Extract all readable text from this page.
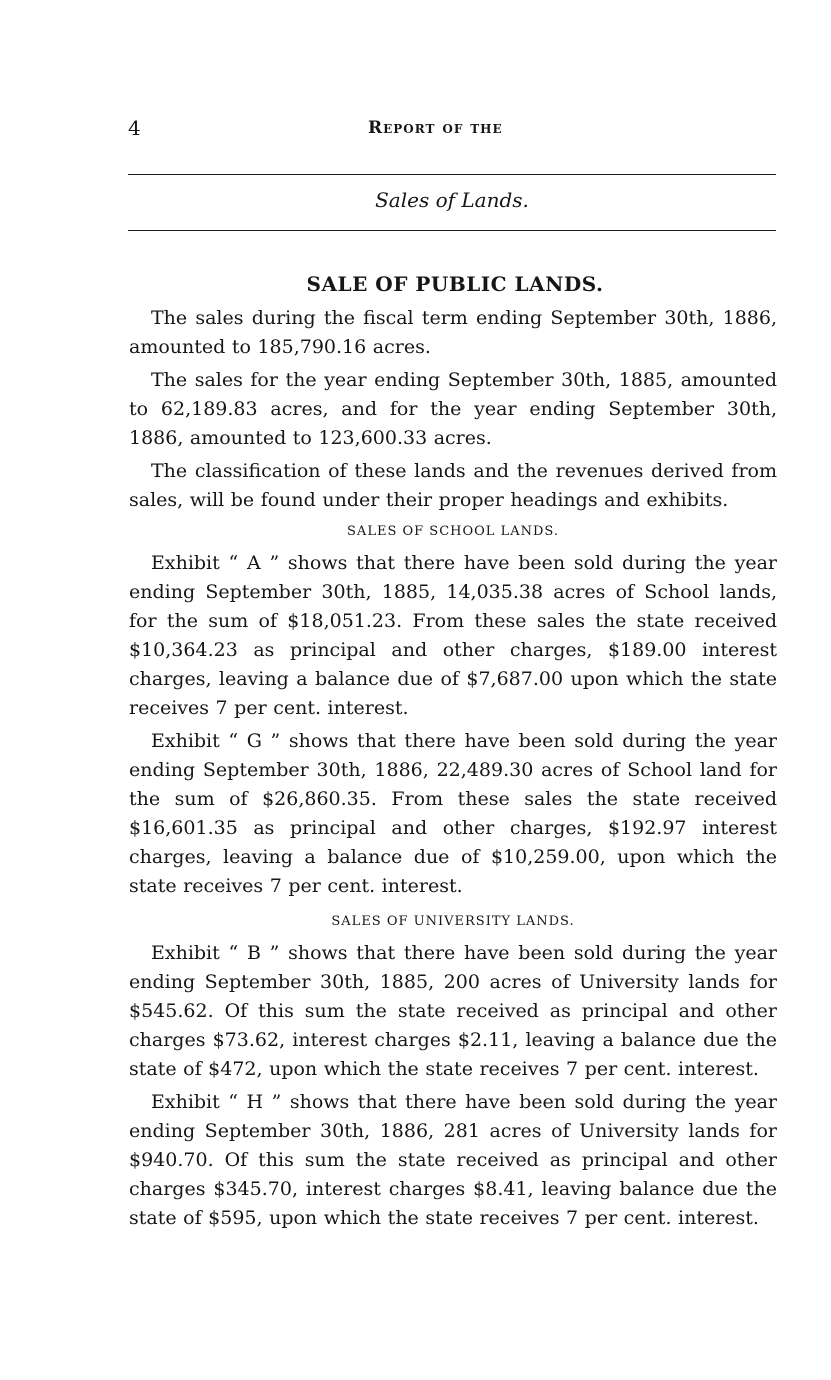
4	Report of the
Sales of Lands.
SALE OF PUBLIC LANDS.

The sales during the fiscal term ending September 30th, 1886, amounted to 185,790.16 acres.

The sales for the year ending September 30th, 1885, amounted to 62,189.83 acres, and for the year ending September 30th, 1886, amounted to 123,600.33 acres.

The classification of these lands and the revenues derived from sales, will be found under their proper headings and exhibits.

SALES OF SCHOOL LANDS.

Exhibit “ A ” shows that there have been sold during the year ending September 30th, 1885, 14,035.38 acres of School lands, for the sum of $18,051.23. From these sales the state received $10,364.23 as principal and other charges, $189.00 interest charges, leaving a balance due of $7,687.00 upon which the state receives 7 per cent. interest.

Exhibit “ G ” shows that there have been sold during the year ending September 30th, 1886, 22,489.30 acres of School land for the sum of $26,860.35. From these sales the state received $16,601.35 as principal and other charges, $192.97 interest charges, leaving a balance due of $10,259.00, upon which the state receives 7 per cent. interest.

SALES OF UNIVERSITY LANDS.

Exhibit “ B ” shows that there have been sold during the year ending September 30th, 1885, 200 acres of University lands for $545.62. Of this sum the state received as principal and other charges $73.62, interest charges $2.11, leaving a balance due the state of $472, upon which the state receives 7 per cent. interest.

Exhibit “ H ” shows that there have been sold during the year ending September 30th, 1886, 281 acres of University lands for $940.70. Of this sum the state received as principal and other charges $345.70, interest charges $8.41, leaving balance due the state of $595, upon which the state receives 7 per cent. interest.
